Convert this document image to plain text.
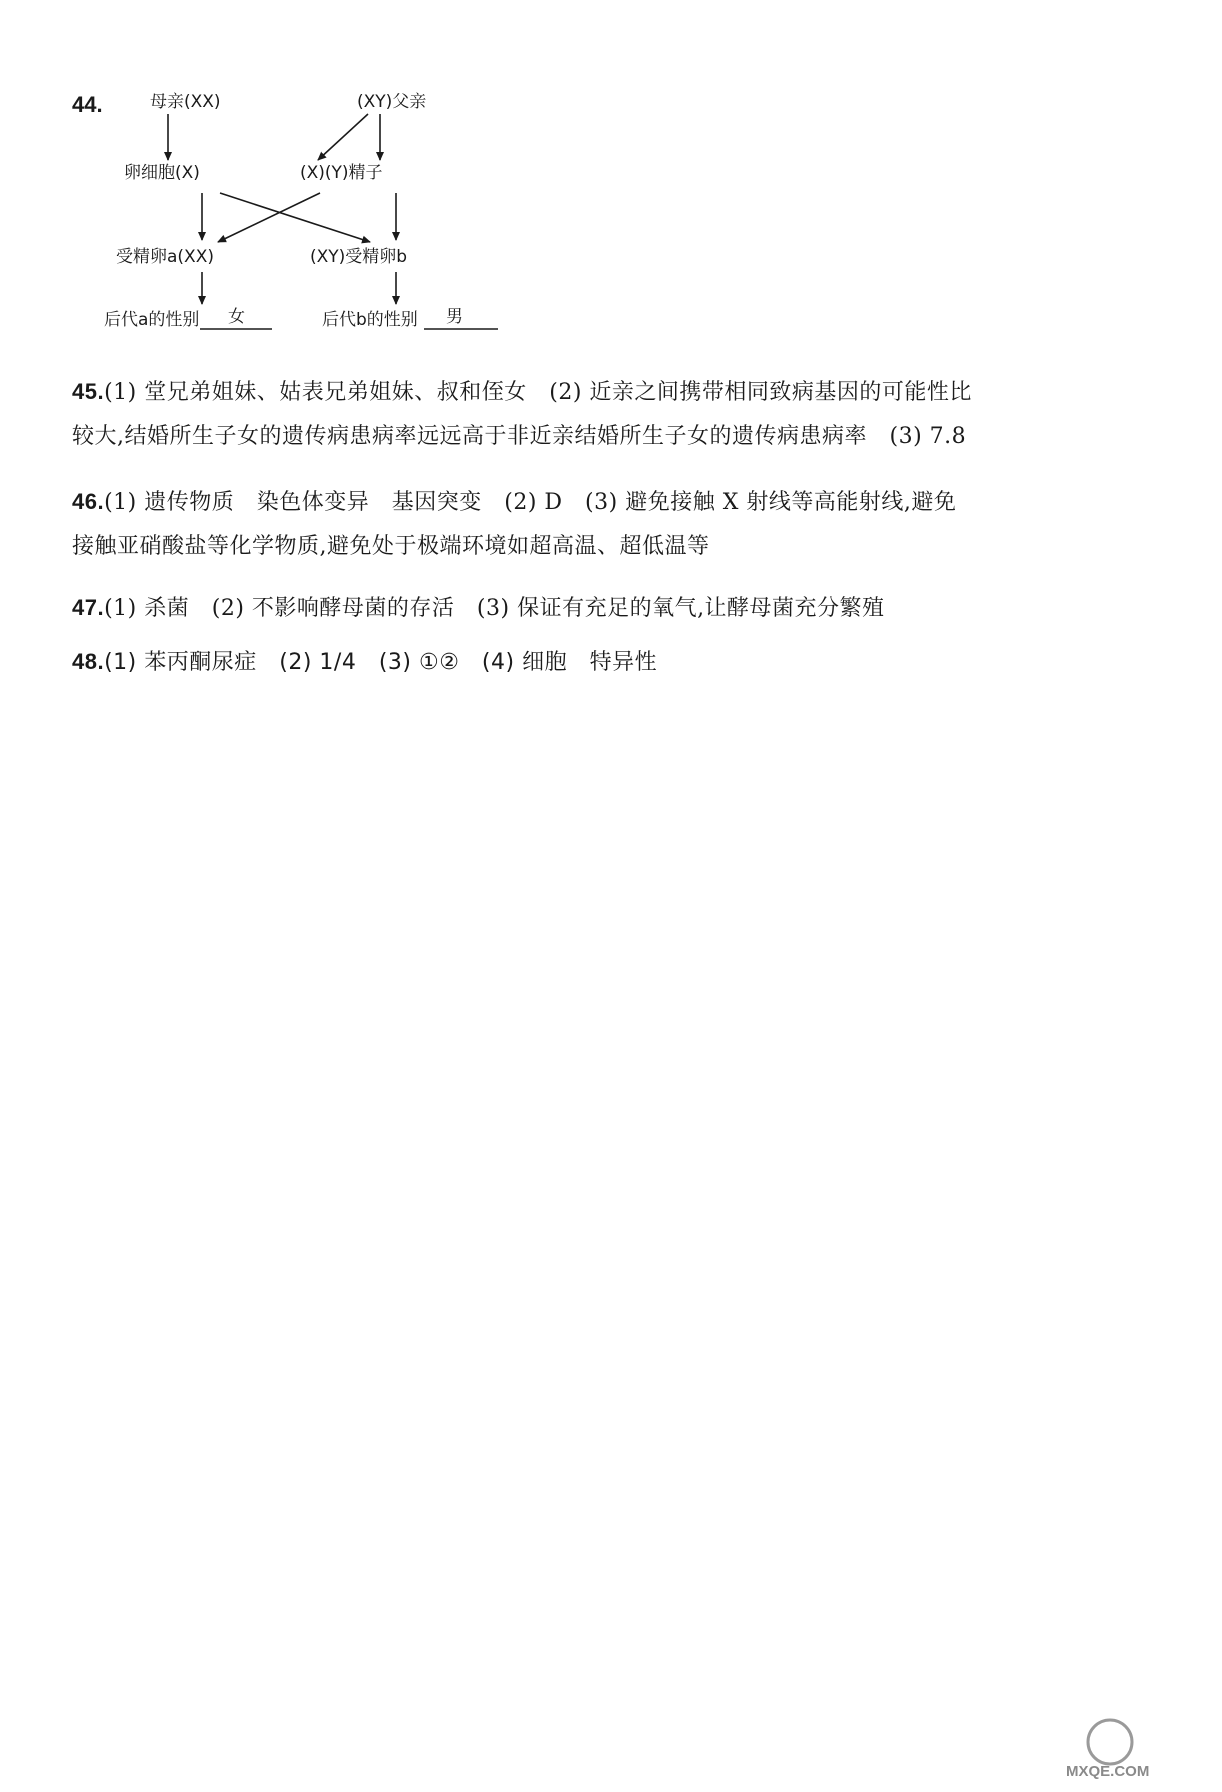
44.	母亲(XX)	(XY)父亲
卵细胞(X)	(X)(Y)精子
受精卵a(XX)	(XY)受精卵b
后代a的性别 女	后代b的性别 男
45.(1) 堂兄弟姐妹、姑表兄弟姐妹、叔和侄女　(2) 近亲之间携带相同致病基因的可能性比
较大,结婚所生子女的遗传病患病率远远高于非近亲结婚所生子女的遗传病患病率　(3) 7.8
46.(1) 遗传物质　染色体变异　基因突变　(2) D　(3) 避免接触 X 射线等高能射线,避免
接触亚硝酸盐等化学物质,避免处于极端环境如超高温、超低温等
47.(1) 杀菌　(2) 不影响酵母菌的存活　(3) 保证有充足的氧气,让酵母菌充分繁殖
48.(1) 苯丙酮尿症　(2) 1/4　(3) ①②　(4) 细胞　特异性
MXQE.COM
